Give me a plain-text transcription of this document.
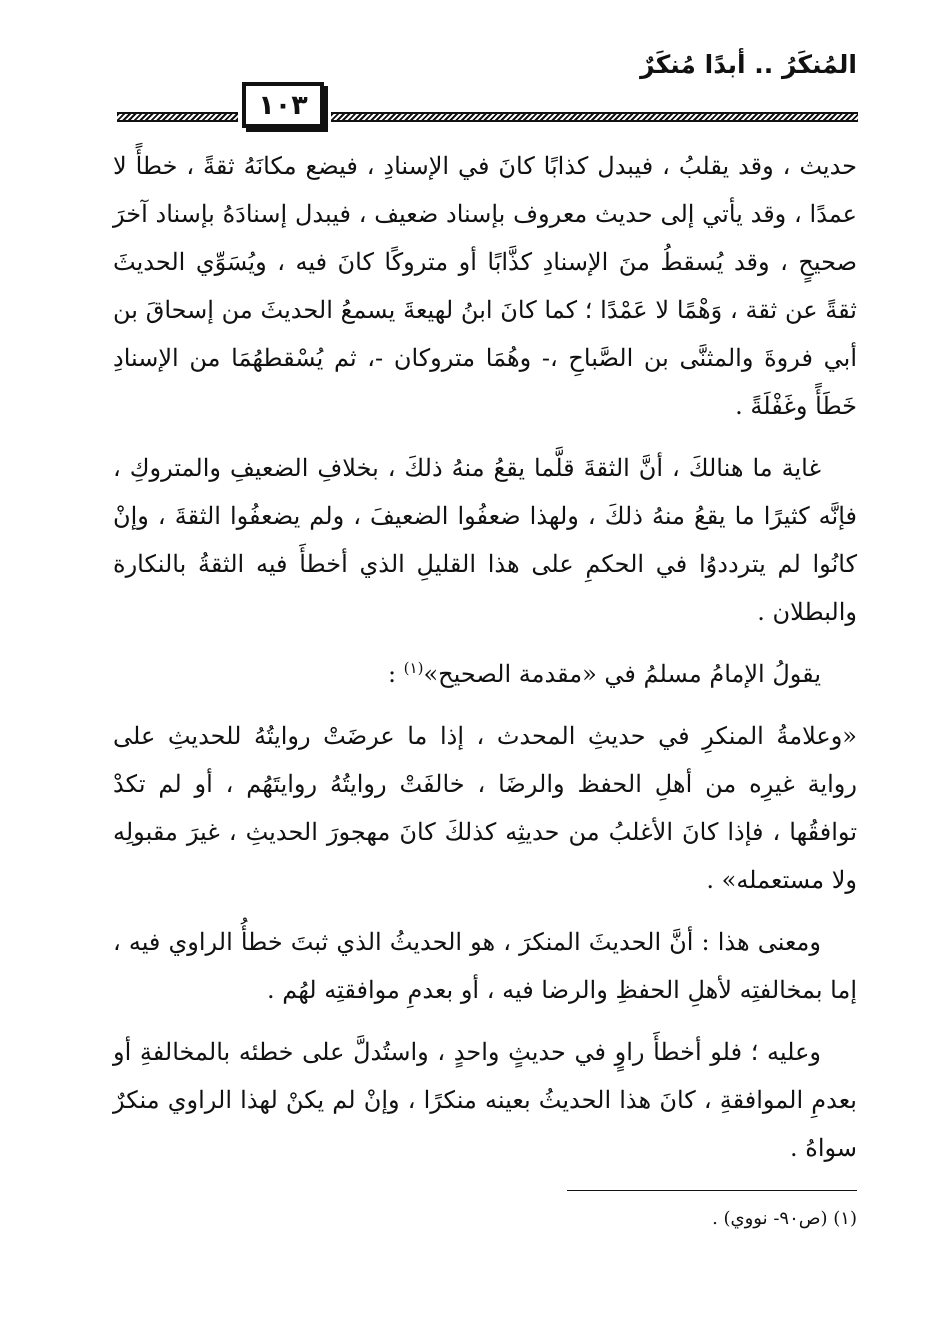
المُنكَرُ .. أبدًا مُنكَرٌ
١٠٣

حديث ، وقد يقلبُ ، فيبدل كذابًا كانَ في الإسنادِ ، فيضع مكانَهُ ثقةً ، خطأً لا عمدًا ، وقد يأتي إلى حديث معروف بإسناد ضعيف ، فيبدل إسنادَهُ بإسناد آخرَ صحيحٍ ، وقد يُسقطُ منَ الإسنادِ كذَّابًا أو متروكًا كانَ فيه ، ويُسَوِّي الحديثَ ثقةً عن ثقة ، وَهْمًا لا عَمْدًا ؛ كما كانَ ابنُ لهيعةَ يسمعُ الحديثَ من إسحاقَ بن أبي فروةَ والمثنَّى بن الصَّباحِ ،- وهُمَا متروكان -، ثم يُسْقطهُمَا من الإسنادِ خَطَأً وغَفْلَةً .

غاية ما هنالكَ ، أنَّ الثقةَ قلَّما يقعُ منهُ ذلكَ ، بخلافِ الضعيفِ والمتروكِ ، فإنَّه كثيرًا ما يقعُ منهُ ذلكَ ، ولهذا ضعفُوا الضعيفَ ، ولم يضعفُوا الثقةَ ، وإنْ كانُوا لم يترددوُا في الحكمِ على هذا القليلِ الذي أخطأَ فيه الثقةُ بالنكارة والبطلان .

يقولُ الإمامُ مسلمُ في «مقدمة الصحيح»$^{(١)}$ :

«وعلامةُ المنكرِ في حديثِ المحدث ، إذا ما عرضَتْ روايتُهُ للحديثِ على رواية غيرِه من أهلِ الحفظ والرضَا ، خالفَتْ روايتُهُ روايتَهُم ، أو لم تكدْ توافقُها ، فإذا كانَ الأغلبُ من حديثِه كذلكَ كانَ مهجورَ الحديثِ ، غيرَ مقبولِه ولا مستعمله» .

ومعنى هذا : أنَّ الحديثَ المنكرَ ، هو الحديثُ الذي ثبتَ خطأُ الراوي فيه ، إما بمخالفتِه لأهلِ الحفظِ والرضا فيه ، أو بعدمِ موافقتِه لهُم .

وعليه ؛ فلو أخطأَ راوٍ في حديثٍ واحدٍ ، واستُدلَّ على خطئه بالمخالفةِ أو بعدمِ الموافقةِ ، كانَ هذا الحديثُ بعينه منكرًا ، وإنْ لم يكنْ لهذا الراوي منكرٌ سواهُ .

(١) (ص٩٠- نووي) .
